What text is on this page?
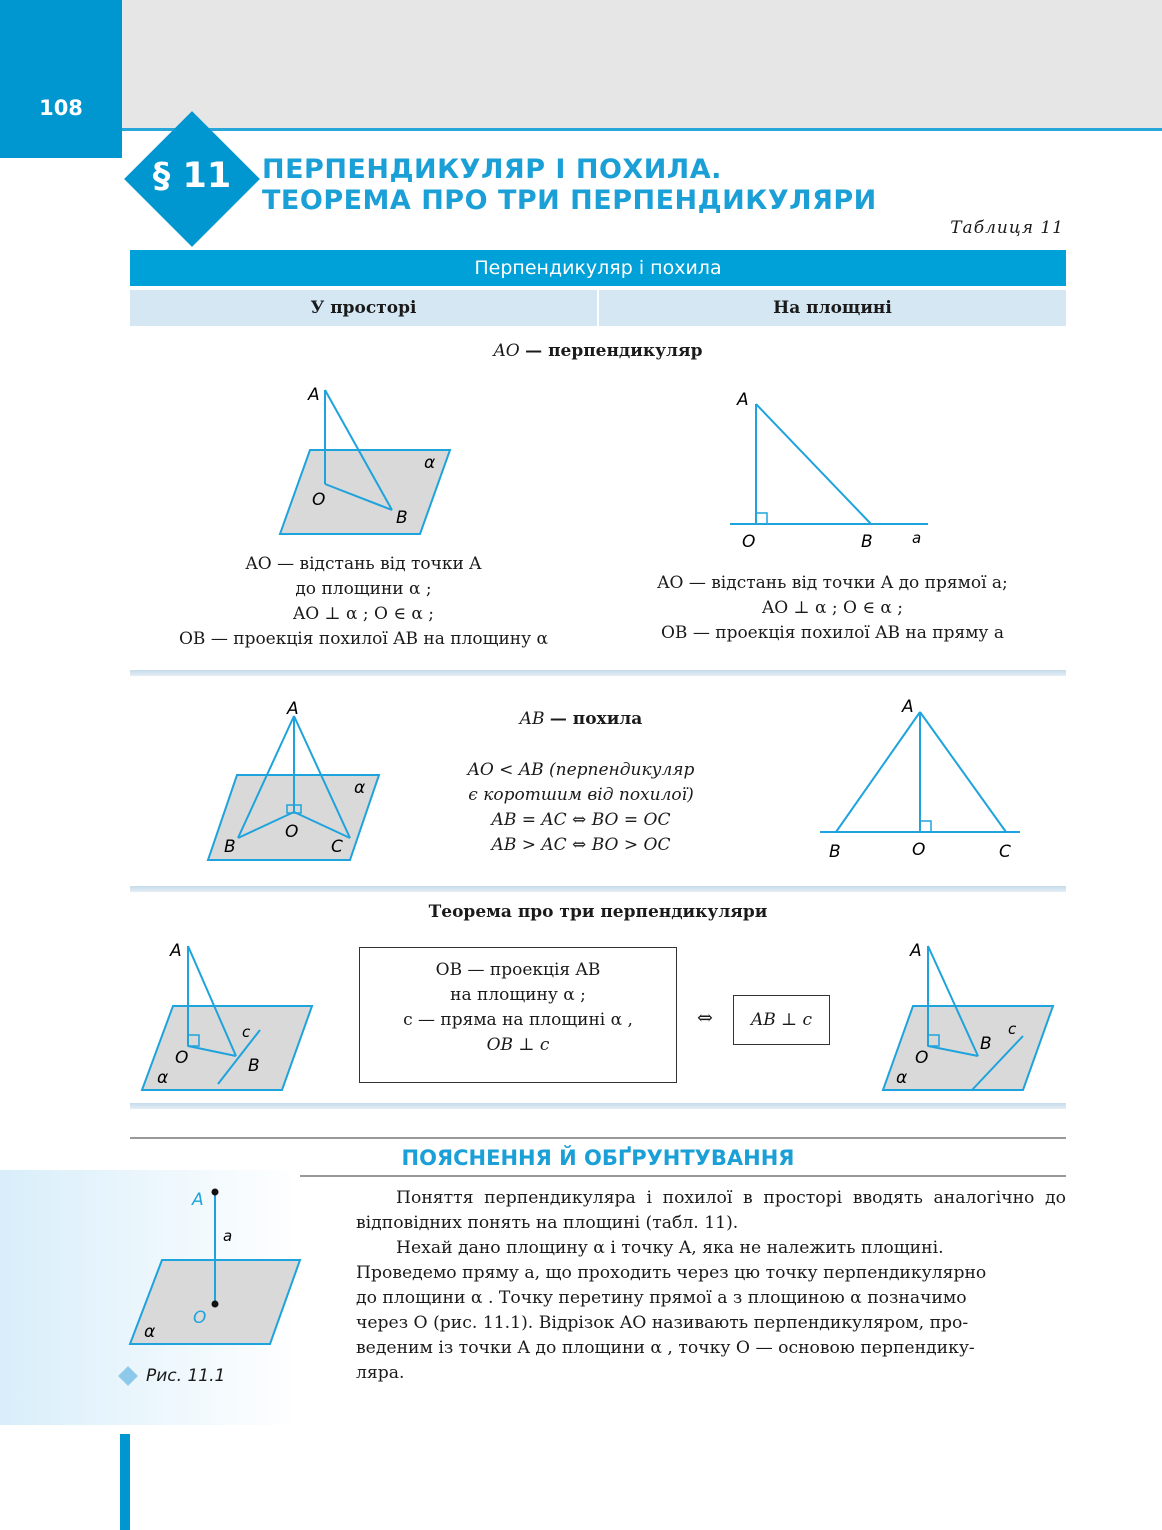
108
§ 11	ПЕРПЕНДИКУЛЯР І ПОХИЛА.
ТЕОРЕМА ПРО ТРИ ПЕРПЕНДИКУЛЯРИ
Таблиця 11
Перпендикуляр і похила
У просторі	На площині
AO — перпендикуляр
A
O
B
α
A
O	B	a
AO — відстань від точки A
до площини α ;
AO ⊥ α ; O ∈ α ;
OB — проекція похилої AB на площину α
AO — відстань від точки A до прямої a;
AO ⊥ α ; O ∈ α ;
OB — проекція похилої AB на пряму a
A
B
O
C
α
A
B	O	C
AB — похила
AO < AB (перпендикуляр
є коротшим від похилої)
AB = AC ⇔ BO = OC
AB > AC ⇔ BO > OC
Теорема про три перпендикуляри
A
O	B
c
α
A
O
B
c
α
OB — проекція AB
на площину α ;
c — пряма на площині α ,
OB ⊥ c
⇔	AB ⊥ c
ПОЯСНЕННЯ Й ОБҐРУНТУВАННЯ
A
a
O
α
Рис. 11.1

Поняття перпендикуляра і похилої в просторі вводять аналогічно до відповідних понять на площині (табл. 11).

Нехай дано площину α і точку A, яка не належить площині.

Проведемо пряму a, що проходить через цю точку перпендикулярно
до площини α . Точку перетину прямої a з площиною α позначимо
через O (рис. 11.1). Відрізок AO називають перпендикуляром, про-
веденим із точки A до площини α , точку O — основою перпендику-
ляра.
